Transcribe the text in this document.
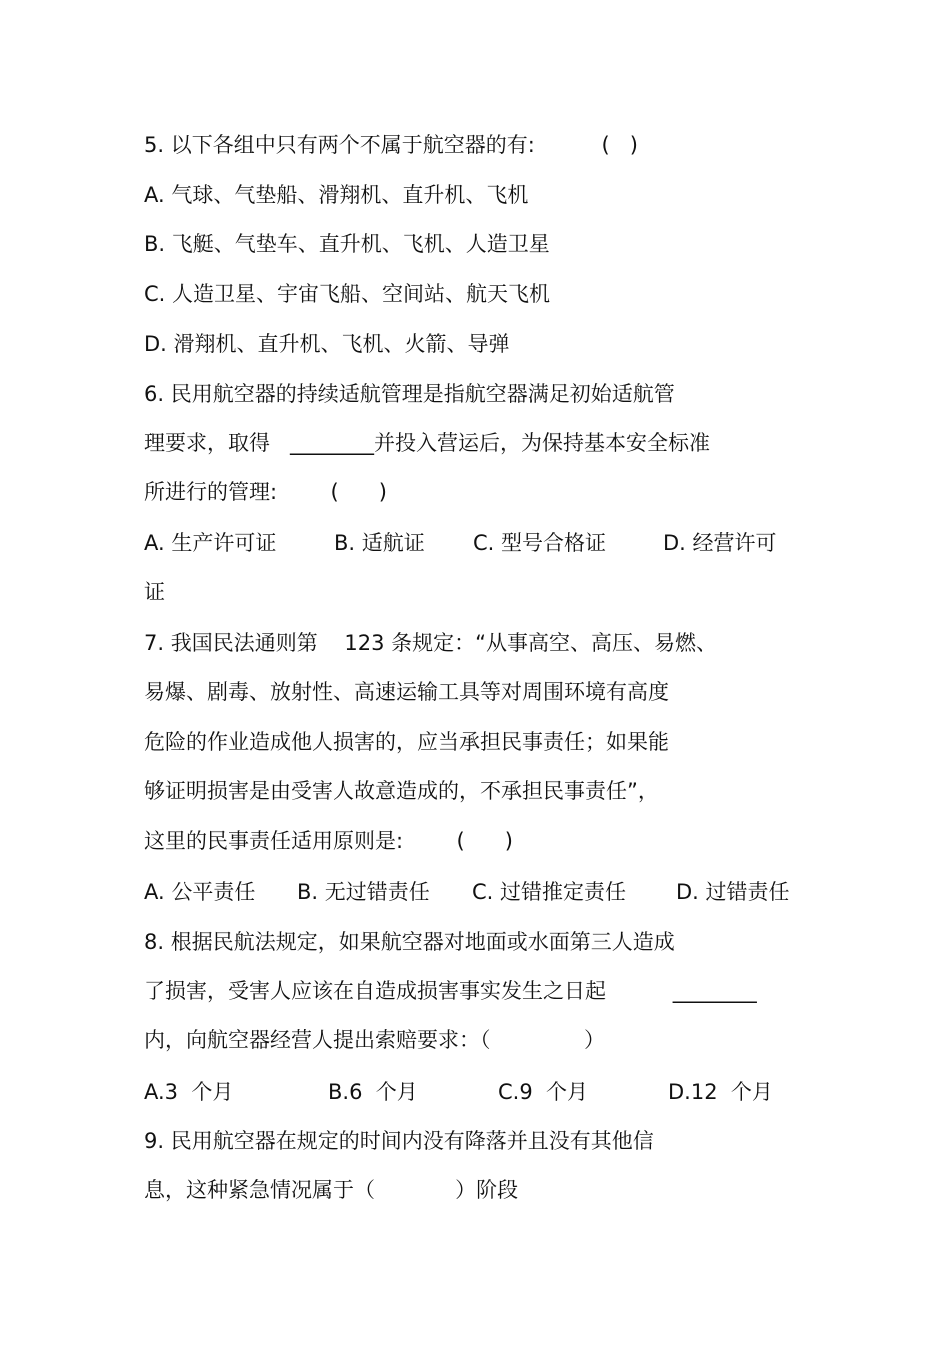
5. 以下各组中只有两个不属于航空器的有:          (   )
A. 气球、气垫船、滑翔机、直升机、飞机
B. 飞艇、气垫车、直升机、飞机、人造卫星
C. 人造卫星、宇宙飞船、空间站、航天飞机
D. 滑翔机、直升机、飞机、火箭、导弹
6. 民用航空器的持续适航管理是指航空器满足初始适航管
理要求，取得   ________并投入营运后，为保持基本安全标准
所进行的管理:        (      )
A. 生产许可证	B. 适航证 C. 型号合格证	D. 经营许可
证
7. 我国民法通则第    123 条规定：“从事高空、高压、易燃、
易爆、剧毒、放射性、高速运输工具等对周围环境有高度
危险的作业造成他人损害的，应当承担民事责任；如果能
够证明损害是由受害人故意造成的，不承担民事责任”，
这里的民事责任适用原则是:        (      )
A. 公平责任 B. 无过错责任 C. 过错推定责任 D. 过错责任
8. 根据民航法规定，如果航空器对地面或水面第三人造成
了损害，受害人应该在自造成损害事实发生之日起          ________
内，向航空器经营人提出索赔要求：（              ）
A.3  个月	B.6  个月	C.9  个月	D.12  个月
9. 民用航空器在规定的时间内没有降落并且没有其他信
息，这种紧急情况属于（            ）阶段
